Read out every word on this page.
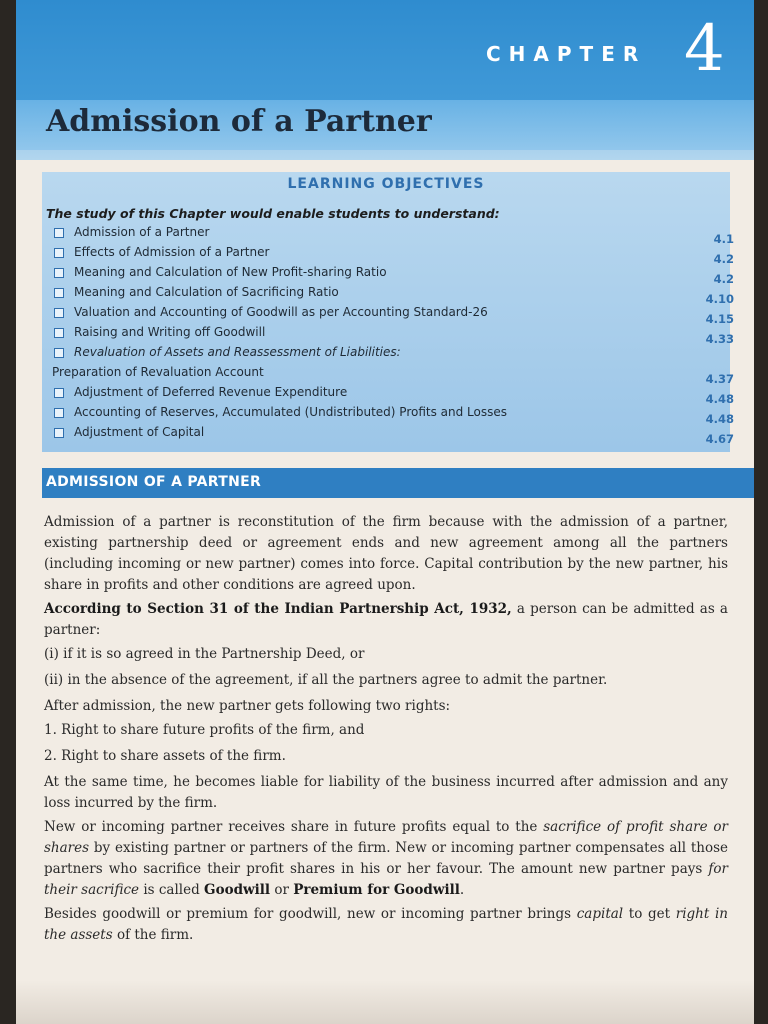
CHAPTER 4
Admission of a Partner
LEARNING OBJECTIVES
The study of this Chapter would enable students to understand:
Admission of a Partner	4.1
Effects of Admission of a Partner	4.2
Meaning and Calculation of New Profit-sharing Ratio	4.2
Meaning and Calculation of Sacrificing Ratio	4.10
Valuation and Accounting of Goodwill as per Accounting Standard-26	4.15
Raising and Writing off Goodwill	4.33
Revaluation of Assets and Reassessment of Liabilities:
Preparation of Revaluation Account	4.37
Adjustment of Deferred Revenue Expenditure	4.48
Accounting of Reserves, Accumulated (Undistributed) Profits and Losses	4.48
Adjustment of Capital	4.67
ADMISSION OF A PARTNER

Admission of a partner is reconstitution of the firm because with the admission of a partner, existing partnership deed or agreement ends and new agreement among all the partners (including incoming or new partner) comes into force. Capital contribution by the new partner, his share in profits and other conditions are agreed upon.

According to Section 31 of the Indian Partnership Act, 1932, a person can be admitted as a partner:

(i) if it is so agreed in the Partnership Deed, or

(ii) in the absence of the agreement, if all the partners agree to admit the partner.

After admission, the new partner gets following two rights:

1. Right to share future profits of the firm, and

2. Right to share assets of the firm.

At the same time, he becomes liable for liability of the business incurred after admission and any loss incurred by the firm.

New or incoming partner receives share in future profits equal to the sacrifice of profit share or shares by existing partner or partners of the firm. New or incoming partner compensates all those partners who sacrifice their profit shares in his or her favour. The amount new partner pays for their sacrifice is called Goodwill or Premium for Goodwill.

Besides goodwill or premium for goodwill, new or incoming partner brings capital to get right in the assets of the firm.
